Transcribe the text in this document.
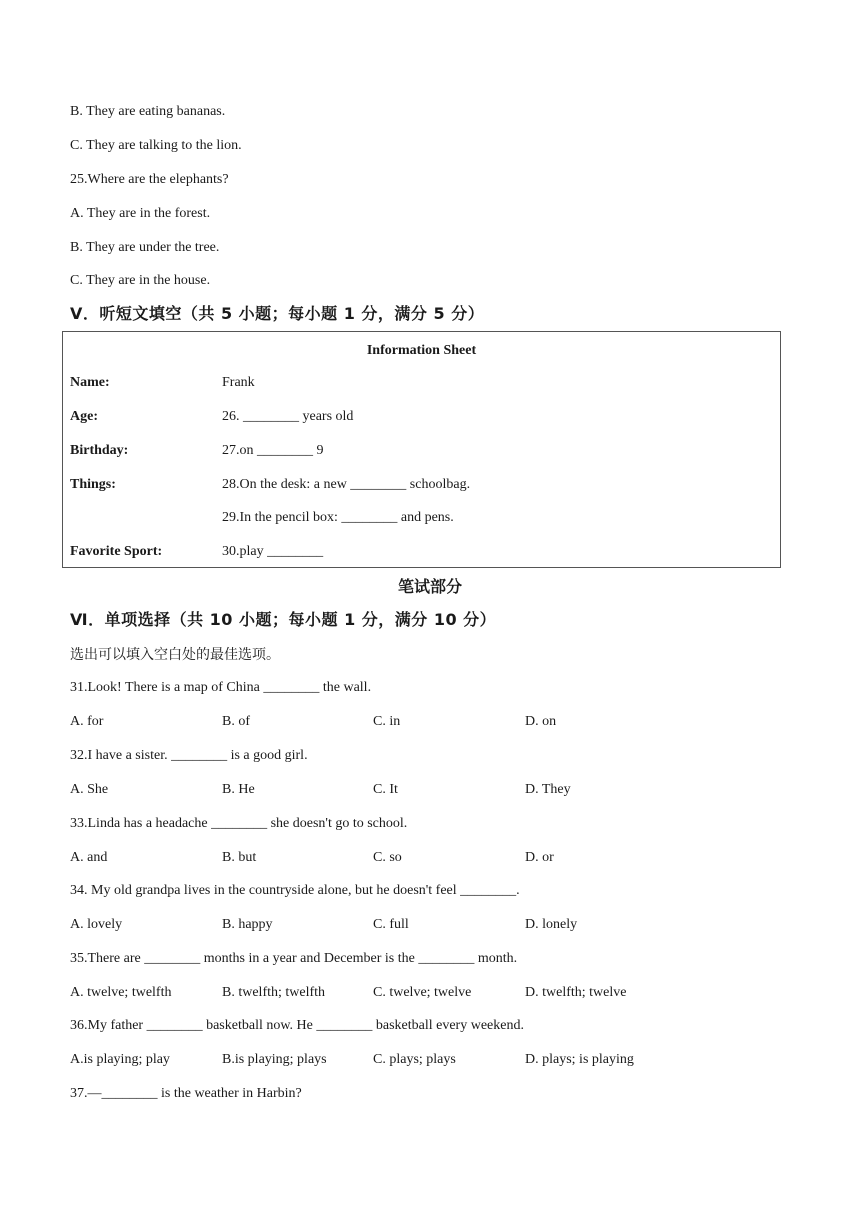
B. They are eating bananas.
C. They are talking to the lion.
25.Where are the elephants?
A. They are in the forest.
B. They are under the tree.
C. They are in the house.
Ⅴ．听短文填空（共 5 小题；每小题 1 分，满分 5 分）
Information Sheet
Name:	Frank
Age:	26. ________ years old
Birthday:	27.on ________ 9
Things:	28.On the desk: a new ________ schoolbag.
29.In the pencil box: ________ and pens.
Favorite Sport:	30.play ________
笔试部分
Ⅵ．单项选择（共 10 小题；每小题 1 分，满分 10 分）
选出可以填入空白处的最佳选项。
31.Look! There is a map of China ________ the wall.
A. for	B. of	C. in	D. on
32.I have a sister. ________ is a good girl.
A. She	B. He	C. It	D. They
33.Linda has a headache ________ she doesn't go to school.
A. and	B. but	C. so	D. or
34. My old grandpa lives in the countryside alone, but he doesn't feel ________.
A. lovely	B. happy	C. full	D. lonely
35.There are ________ months in a year and December is the ________ month.
A. twelve; twelfth	B. twelfth; twelfth	C. twelve; twelve	D. twelfth; twelve
36.My father ________ basketball now. He ________ basketball every weekend.
A.is playing; play	B.is playing; plays	C. plays; plays	D. plays; is playing
37.—________ is the weather in Harbin?
